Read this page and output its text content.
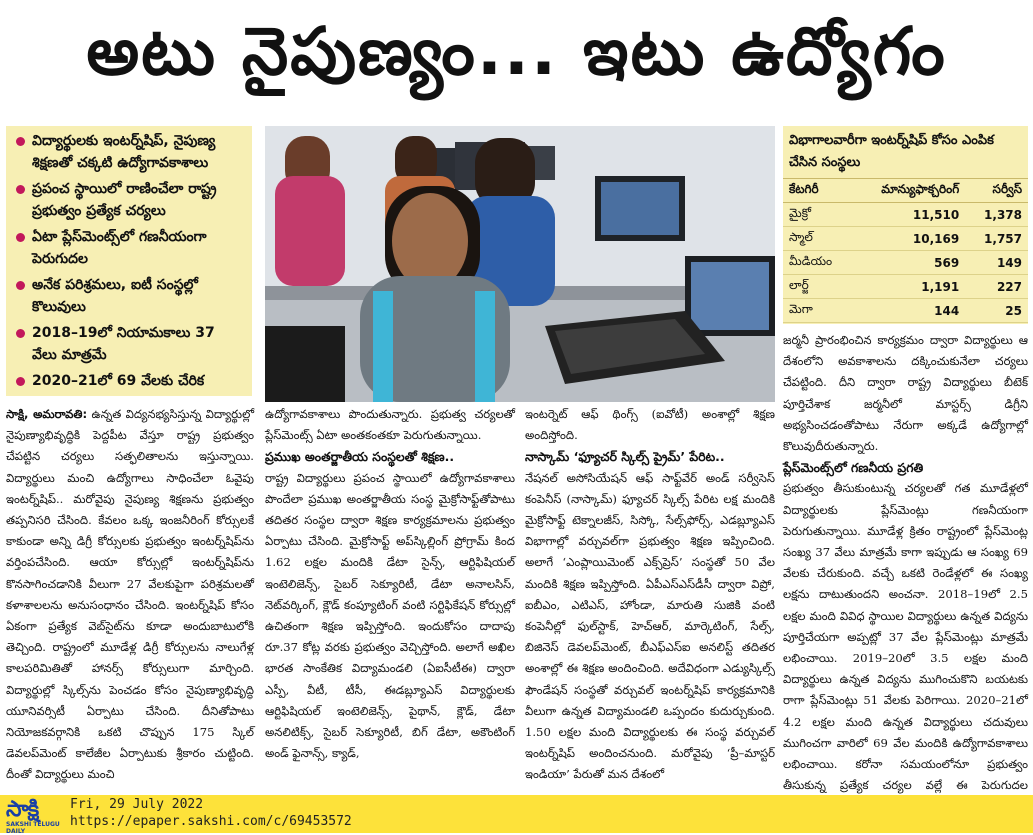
అటు నైపుణ్యం... ఇటు ఉద్యోగం
విద్యార్థులకు ఇంటర్న్‌షిప్, నైపుణ్య శిక్షణతో చక్కటి ఉద్యోగావకాశాలు
ప్రపంచ స్థాయిలో రాణించేలా రాష్ట్ర ప్రభుత్వం ప్రత్యేక చర్యలు
ఏటా ప్లేస్‌మెంట్స్‌లో గణనీయంగా పెరుగుదల
అనేక పరిశ్రమలు, ఐటీ సంస్థల్లో కొలువులు
2018–19లో నియామకాలు 37 వేలు మాత్రమే
2020–21లో 69 వేలకు చేరిక
విభాగాలవారీగా ఇంటర్న్‌షిప్ కోసం ఎంపిక చేసిన సంస్థలు
కేటగిరీ	మాన్యుఫాక్చరింగ్	సర్వీస్
మైక్రో	11,510	1,378
స్మాల్	10,169	1,757
మీడియం	569	149
లార్జ్	1,191	227
మెగా	144	25

సాక్షి, అమరావతి: ఉన్నత విద్యనభ్యసిస్తున్న విద్యార్థుల్లో నైపుణ్యాభివృద్ధికి పెద్దపీట వేస్తూ రాష్ట్ర ప్రభుత్వం చేపట్టిన చర్యలు సత్ఫలితాలను ఇస్తున్నాయి. విద్యార్థులు మంచి ఉద్యోగాలు సాధించేలా ఓవైపు ఇంటర్న్‌షిప్.. మరోవైపు నైపుణ్య శిక్షణను ప్రభుత్వం తప్పనిసరి చేసింది. కేవలం ఒక్క ఇంజనీరింగ్ కోర్సులకే కాకుండా అన్ని డిగ్రీ కోర్సులకు ప్రభుత్వం ఇంటర్న్‌షిప్‌ను వర్తింపచేసింది. ఆయా కోర్సుల్లో ఇంటర్న్‌షిప్‌ను కొనసాగించడానికి వీలుగా 27 వేలకుపైగా పరిశ్రమలతో కళాశాలలను అనుసంధానం చేసింది. ఇంటర్న్‌షిప్ కోసం ఏకంగా ప్రత్యేక వెబ్‌సైట్‌ను కూడా అందుబాటులోకి తెచ్చింది. రాష్ట్రంలో మూడేళ్ల డిగ్రీ కోర్సులను నాలుగేళ్ల కాలపరిమితితో హానర్స్ కోర్సులుగా మార్చింది. విద్యార్థుల్లో స్కిల్స్‌ను పెంచడం కోసం నైపుణ్యాభివృద్ధి యూనివర్సిటీ ఏర్పాటు చేసింది. దీనితోపాటు నియోజకవర్గానికి ఒకటి చొప్పున 175 స్కిల్ డెవలప్‌మెంట్ కాలేజీల ఏర్పాటుకు శ్రీకారం చుట్టింది. దీంతో విద్యార్థులు మంచి

ఉద్యోగావకాశాలు పొందుతున్నారు. ప్రభుత్వ చర్యలతో ప్లేస్‌మెంట్స్ ఏటా అంతకంతకూ పెరుగుతున్నాయి.

ప్రముఖ అంతర్జాతీయ సంస్థలతో శిక్షణ..

రాష్ట్ర విద్యార్థులు ప్రపంచ స్థాయిలో ఉద్యోగావకాశాలు పొందేలా ప్రముఖ అంతర్జాతీయ సంస్థ మైక్రోసాఫ్ట్‌తోపాటు తదితర సంస్థల ద్వారా శిక్షణ కార్యక్రమాలను ప్రభుత్వం ఏర్పాటు చేసింది. మైక్రోసాఫ్ట్ అప్‌స్కిల్లింగ్ ప్రోగ్రామ్ కింద 1.62 లక్షల మందికి డేటా సైన్స్, ఆర్టిఫిషియల్ ఇంటెలిజెన్స్, సైబర్ సెక్యూరిటీ, డేటా అనాలసిస్, నెట్‌వర్కింగ్, క్లౌడ్ కంప్యూటింగ్ వంటి సర్టిఫికేషన్ కోర్సుల్లో ఉచితంగా శిక్షణ ఇప్పిస్తోంది. ఇందుకోసం దాదాపు రూ.37 కోట్ల వరకు ప్రభుత్వం వెచ్చిస్తోంది. అలాగే అఖిల భారత సాంకేతిక విద్యామండలి (ఏఐసీటీఈ) ద్వారా ఎస్పీ, వీటీ, టీసీ, ఈడబ్ల్యూఎస్ విద్యార్థులకు ఆర్టిఫిషియల్ ఇంటెలిజెన్స్, పైథాన్, క్లౌడ్, డేటా అనలిటిక్స్, సైబర్ సెక్యూరిటీ, బిగ్ డేటా, అకౌంటింగ్ అండ్ ఫైనాన్స్, క్యాడ్,

ఇంటర్నెట్ ఆఫ్ థింగ్స్ (ఐవోటీ) అంశాల్లో శిక్షణ అందిస్తోంది.

నాస్కామ్ ‘ఫ్యూచర్ స్కిల్స్ ప్రైమ్’ పేరిట..

నేషనల్ అసోసియేషన్ ఆఫ్ సాఫ్ట్‌వేర్ అండ్ సర్వీసెస్ కంపెనీస్ (నాస్కామ్) ఫ్యూచర్ స్కిల్స్ పేరిట లక్ష మందికి మైక్రోసాఫ్ట్ టెక్నాలజీస్, సిస్కో, సేల్స్‌ఫోర్స్, ఎడబ్ల్యూఎస్ విభాగాల్లో వర్చువల్‌గా ప్రభుత్వం శిక్షణ ఇప్పించింది. అలాగే ‘ఎంప్లాయిమెంట్ ఎక్స్‌ప్రెస్’ సంస్థతో 50 వేల మందికి శిక్షణ ఇప్పిస్తోంది. ఏపీఎస్ఎస్‌డీసీ ద్వారా విప్రో, ఐబీఎం, ఎటిఎస్‌, హోండా, మారుతి సుజికి వంటి కంపెనీల్లో ఫుల్‌స్టాక్, హెచ్ఆర్, మార్కెటింగ్, సేల్స్, బిజినెస్ డెవలప్‌మెంట్, బీఎఫ్ఎస్ఐ అనలిస్ట్ తదితర అంశాల్లో ఈ శిక్షణ అందించింది. అదేవిధంగా ఎడ్యుస్కిల్స్ ఫౌండేషన్ సంస్థతో వర్చువల్ ఇంటర్న్‌షిప్ కార్యక్రమానికి వీలుగా ఉన్నత విద్యామండలి ఒప్పందం కుదుర్చుకుంది. 1.50 లక్షల మంది విద్యార్థులకు ఈ సంస్థ వర్చువల్ ఇంటర్న్‌షిప్ అందించనుంది. మరోవైపు ‘ప్రీ–మాస్టర్ ఇండియా’ పేరుతో మన దేశంలో

జర్మనీ ప్రారంభించిన కార్యక్రమం ద్వారా విద్యార్థులు ఆ దేశంలోని అవకాశాలను దక్కించుకునేలా చర్యలు చేపట్టింది. దీని ద్వారా రాష్ట్ర విద్యార్థులు బీటెక్ పూర్తిచేశాక జర్మనీలో మాస్టర్స్ డిగ్రీని అభ్యసించడంతోపాటు నేరుగా అక్కడే ఉద్యోగాల్లో కొలువుదీరుతున్నారు.

ప్లేస్‌మెంట్స్‌లో గణనీయ ప్రగతి

ప్రభుత్వం తీసుకుంటున్న చర్యలతో గత మూడేళ్లలో విద్యార్థులకు ప్లేస్‌మెంట్లు గణనీయంగా పెరుగుతున్నాయి. మూడేళ్ల క్రితం రాష్ట్రంలో ప్లేస్‌మెంట్ల సంఖ్య 37 వేలు మాత్రమే కాగా ఇప్పుడు ఆ సంఖ్య 69 వేలకు చేరుకుంది. వచ్చే ఒకటి రెండేళ్లలో ఈ సంఖ్య లక్షను దాటుతుందని అంచనా. 2018–19లో 2.5 లక్షల మంది వివిధ స్థాయిల విద్యార్థులు ఉన్నత విద్యను పూర్తిచేయగా అప్పట్లో 37 వేల ప్లేస్‌మెంట్లు మాత్రమే లభించాయి. 2019–20లో 3.5 లక్షల మంది విద్యార్థులు ఉన్నత విద్యను ముగించుకొని బయటకు రాగా ప్లేస్‌మెంట్లు 51 వేలకు పెరిగాయి. 2020–21లో 4.2 లక్షల మంది ఉన్నత విద్యార్థులు చదువులు ముగించగా వారిలో 69 వేల మందికి ఉద్యోగావకాశాలు లభించాయి. కరోనా సమయంలోనూ ప్రభుత్వం తీసుకున్న ప్రత్యేక చర్యల వల్లే ఈ పెరుగుదల

సాక్షి
SAKSHI TELUGU DAILY
Fri, 29 July 2022
https://epaper.sakshi.com/c/69453572
